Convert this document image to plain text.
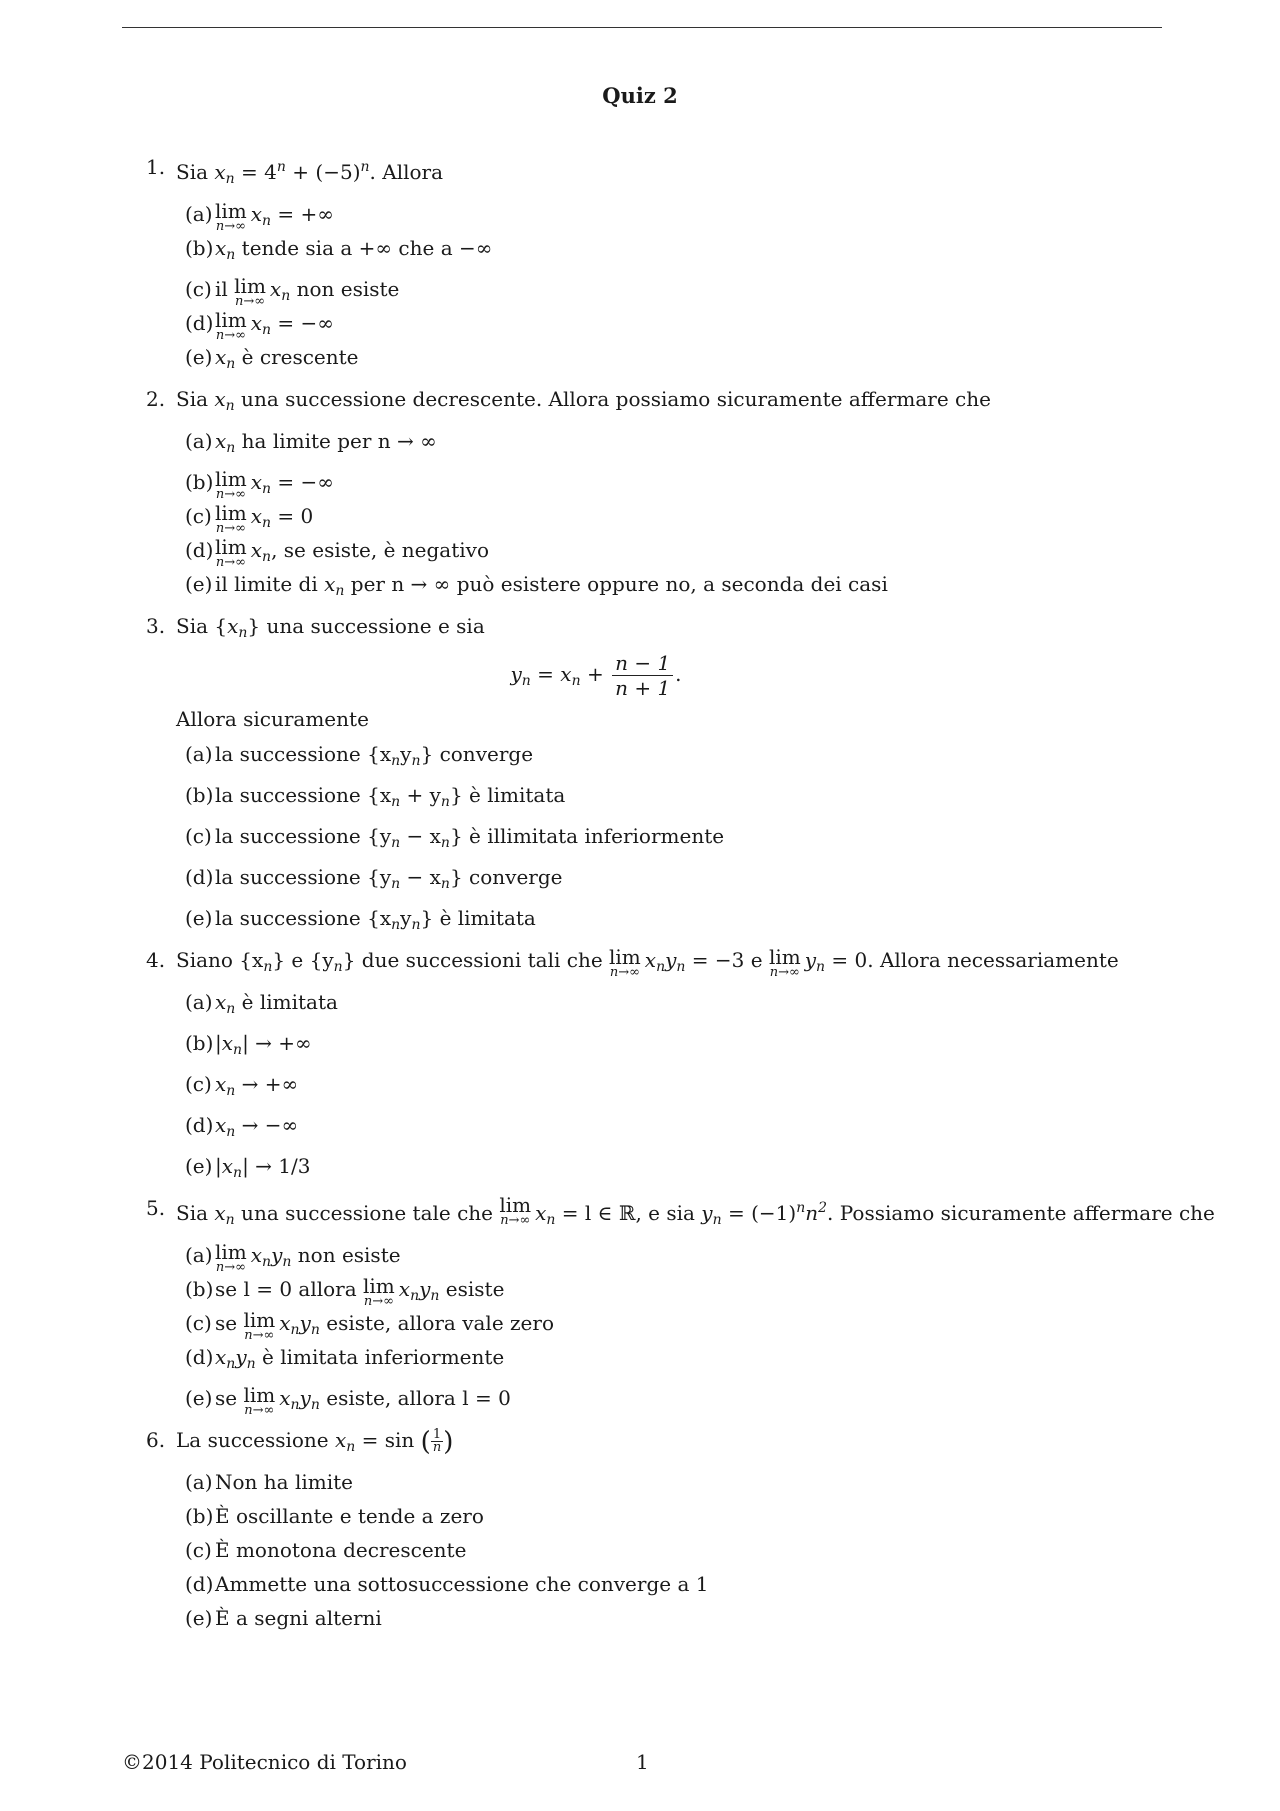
Quiz 2
1. Sia $x_n = 4^n + (-5)^n$. Allora

(a) lim
n→∞
$x_n$ = +∞
(b) $x_n$ tende sia a +∞ che a −∞
(c) il lim
n→∞
$x_n$ non esiste
(d) lim
n→∞
$x_n$ = −∞
(e) $x_n$ è crescente
2. Sia $x_n$ una successione decrescente. Allora possiamo sicuramente affermare che

(a) $x_n$ ha limite per n → ∞
(b) lim
n→∞
$x_n$ = −∞
(c) lim
n→∞
$x_n = 0$
(d) lim
n→∞
$x_n$, se esiste, è negativo
(e) il limite di $x_n$ per n → ∞ può esistere oppure no, a seconda dei casi
3. Sia $\{x_n\}$ una successione e sia

$y_n = x_n + \frac{n - 1}{n + 1}$ .

Allora sicuramente

(a) la successione $\{x_ny_n\}$ converge
(b) la successione $\{x_n + y_n\}$ è limitata
(c) la successione $\{y_n - x_n\}$ è illimitata inferiormente
(d) la successione $\{y_n - x_n\}$ converge
(e) la successione $\{x_ny_n\}$ è limitata
4. Siano $\{x_n\}$ e $\{y_n\}$ due successioni tali che lim
n→∞
$x_ny_n = -3$ e lim
n→∞
$y_n = 0$. Allora necessariamente

(a) $x_n$ è limitata
(b) $|x_n|$ → +∞
(c) $x_n$ → +∞
(d) $x_n$ → −∞
(e) $|x_n| \to 1/3$
5. Sia $x_n$ una successione tale che lim
n→∞ $x_n = l$ ∈ ℝ, e sia $y_n = (-1)^nn^2$. Possiamo sicuramente affermare che

(a) lim
n→∞
$x_ny_n$ non esiste
(b) se l = 0 allora lim
n→∞
$x_ny_n$ esiste
(c) se lim
n→∞
$x_ny_n$ esiste, allora vale zero
(d) $x_ny_n$ è limitata inferiormente
(e) se lim
n→∞
$x_ny_n$ esiste, allora l = 0
6. La successione $x_n = \sin$ ( $\frac{1}{n}$ )

(a) Non ha limite
(b) È oscillante e tende a zero
(c) È monotona decrescente
(d) Ammette una sottosuccessione che converge a 1
(e) È a segni alterni
©2014 Politecnico di Torino	1
